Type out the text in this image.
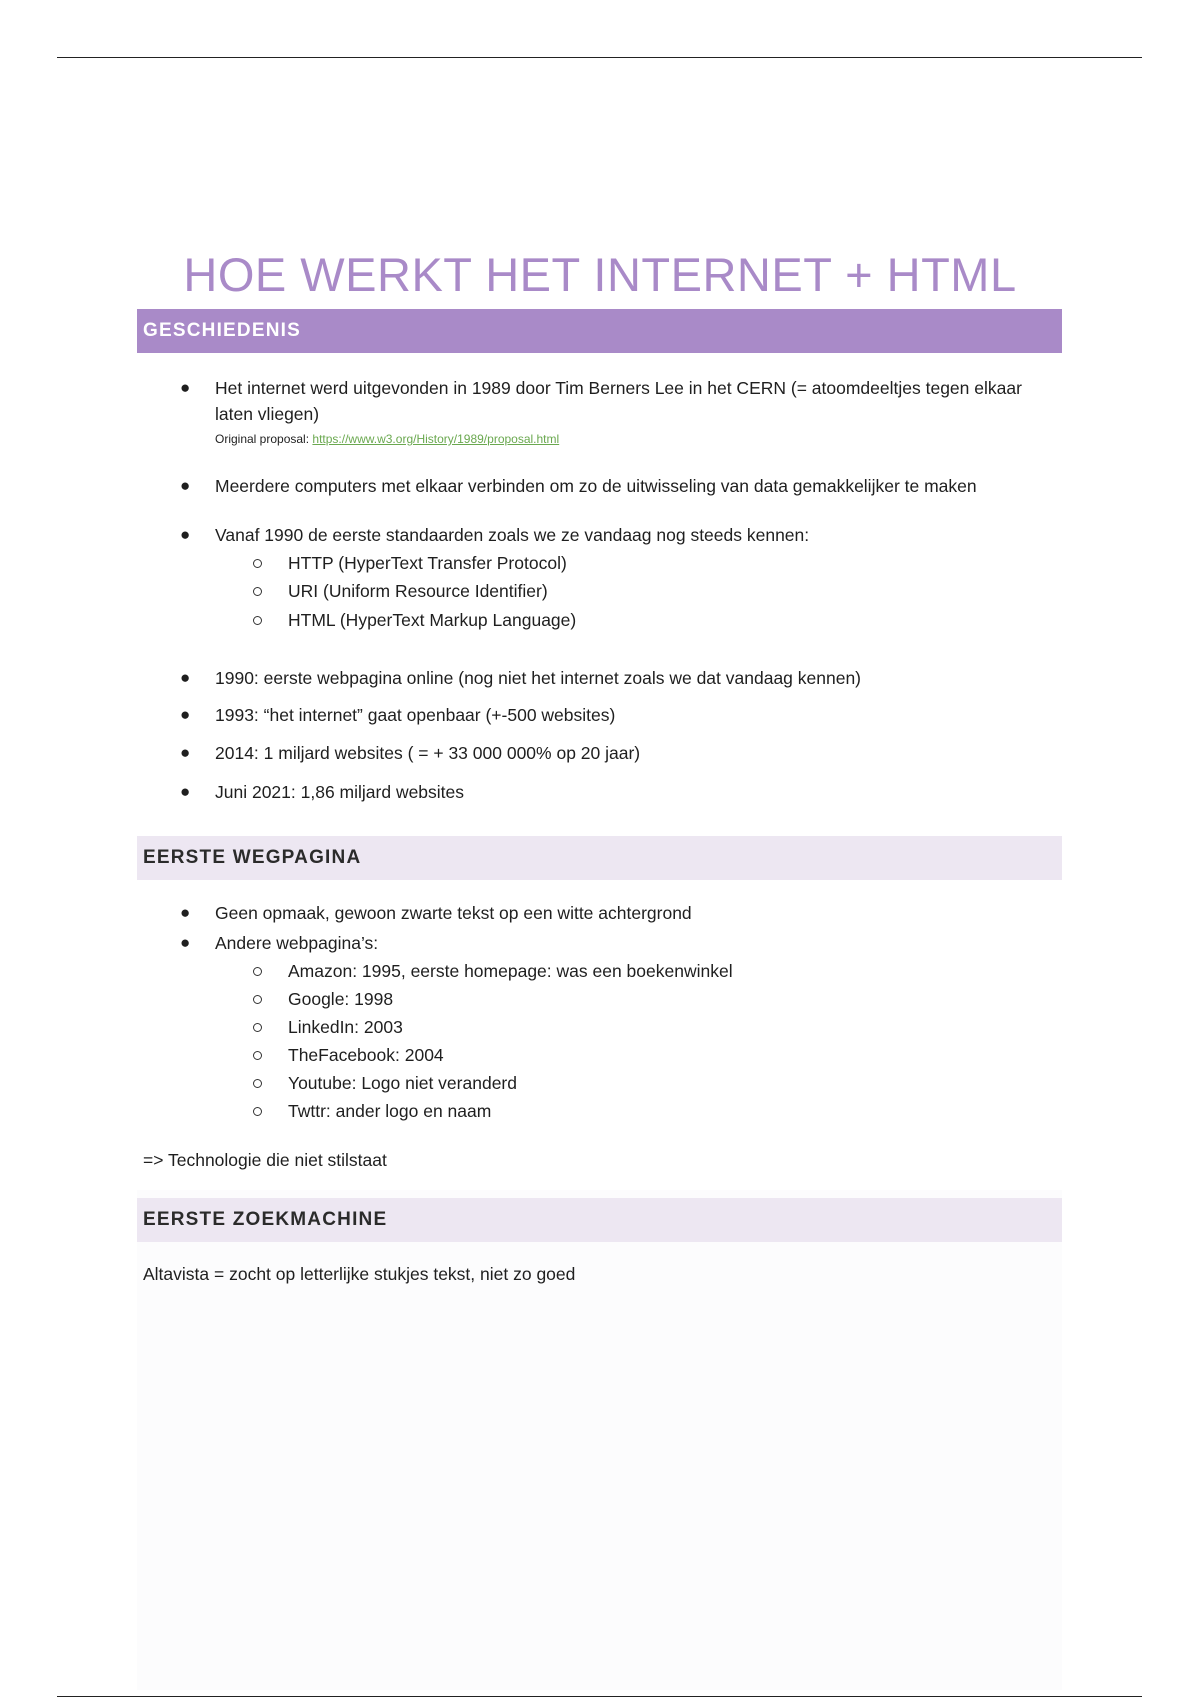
HOE WERKT HET INTERNET + HTML
GESCHIEDENIS
● Het internet werd uitgevonden in 1989 door Tim Berners Lee in het CERN (= atoomdeeltjes tegen elkaar laten vliegen)
Original proposal: https://www.w3.org/History/1989/proposal.html
● Meerdere computers met elkaar verbinden om zo de uitwisseling van data gemakkelijker te maken
● Vanaf 1990 de eerste standaarden zoals we ze vandaag nog steeds kennen:
HTTP (HyperText Transfer Protocol)
URI (Uniform Resource Identifier)
HTML (HyperText Markup Language)
● 1990: eerste webpagina online (nog niet het internet zoals we dat vandaag kennen)
● 1993: “het internet” gaat openbaar (+-500 websites)
● 2014: 1 miljard websites ( = + 33 000 000% op 20 jaar)
● Juni 2021: 1,86 miljard websites
EERSTE WEGPAGINA
● Geen opmaak, gewoon zwarte tekst op een witte achtergrond
● Andere webpagina’s:
Amazon: 1995, eerste homepage: was een boekenwinkel
Google: 1998
LinkedIn: 2003
TheFacebook: 2004
Youtube: Logo niet veranderd
Twttr: ander logo en naam
=> Technologie die niet stilstaat
EERSTE ZOEKMACHINE
Altavista = zocht op letterlijke stukjes tekst, niet zo goed
